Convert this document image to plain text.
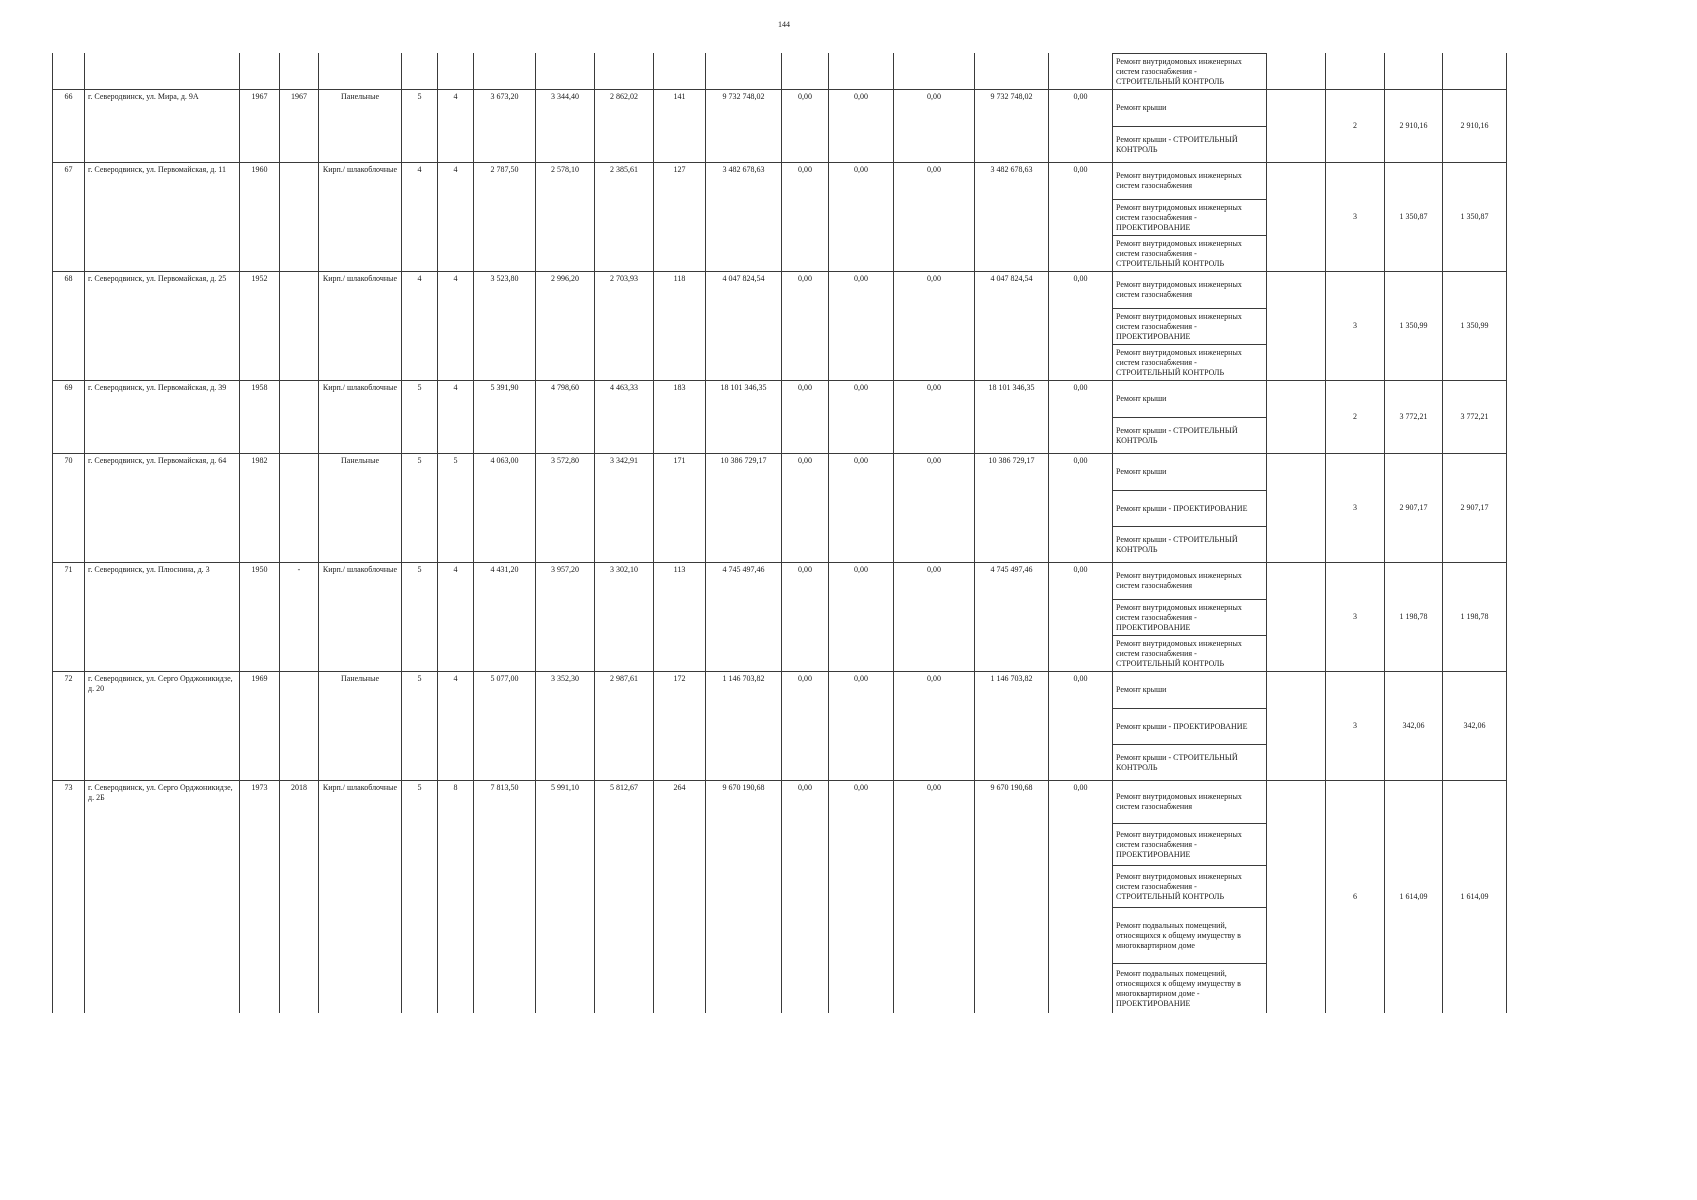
144

Ремонт внутридомовых инженерных систем газоснабжения - СТРОИТЕЛЬНЫЙ КОНТРОЛЬ				

66	г. Северодвинск, ул. Мира, д. 9А	1967	1967	Панельные	5	4	3 673,20	3 344,40	2 862,02	141	9 732 748,02	0,00	0,00	0,00	9 732 748,02	0,00	Ремонт крыши
Ремонт крыши - СТРОИТЕЛЬНЫЙ КОНТРОЛЬ	2	2 910,16	2 910,16	
67	г. Северодвинск, ул. Первомайская, д. 11	1960		Кирп./ шлакоблочные	4	4	2 787,50	2 578,10	2 385,61	127	3 482 678,63	0,00	0,00	0,00	3 482 678,63	0,00	Ремонт внутридомовых инженерных систем газоснабжения
Ремонт внутридомовых инженерных систем газоснабжения - ПРОЕКТИРОВАНИЕ
Ремонт внутридомовых инженерных систем газоснабжения - СТРОИТЕЛЬНЫЙ КОНТРОЛЬ	3	1 350,87	1 350,87	
68	г. Северодвинск, ул. Первомайская, д. 25	1952		Кирп./ шлакоблочные	4	4	3 523,80	2 996,20	2 703,93	118	4 047 824,54	0,00	0,00	0,00	4 047 824,54	0,00	Ремонт внутридомовых инженерных систем газоснабжения
Ремонт внутридомовых инженерных систем газоснабжения - ПРОЕКТИРОВАНИЕ
Ремонт внутридомовых инженерных систем газоснабжения - СТРОИТЕЛЬНЫЙ КОНТРОЛЬ	3	1 350,99	1 350,99	
69	г. Северодвинск, ул. Первомайская, д. 39	1958		Кирп./ шлакоблочные	5	4	5 391,90	4 798,60	4 463,33	183	18 101 346,35	0,00	0,00	0,00	18 101 346,35	0,00	Ремонт крыши
Ремонт крыши - СТРОИТЕЛЬНЫЙ КОНТРОЛЬ	2	3 772,21	3 772,21	
70	г. Северодвинск, ул. Первомайская, д. 64	1982		Панельные	5	5	4 063,00	3 572,80	3 342,91	171	10 386 729,17	0,00	0,00	0,00	10 386 729,17	0,00	Ремонт крыши
Ремонт крыши - ПРОЕКТИРОВАНИЕ
Ремонт крыши - СТРОИТЕЛЬНЫЙ КОНТРОЛЬ	3	2 907,17	2 907,17	
71	г. Северодвинск, ул. Плюснина, д. 3	1950	-	Кирп./ шлакоблочные	5	4	4 431,20	3 957,20	3 302,10	113	4 745 497,46	0,00	0,00	0,00	4 745 497,46	0,00	Ремонт внутридомовых инженерных систем газоснабжения
Ремонт внутридомовых инженерных систем газоснабжения - ПРОЕКТИРОВАНИЕ
Ремонт внутридомовых инженерных систем газоснабжения - СТРОИТЕЛЬНЫЙ КОНТРОЛЬ	3	1 198,78	1 198,78	
72	г. Северодвинск, ул. Серго Орджоникидзе, д. 20	1969		Панельные	5	4	5 077,00	3 352,30	2 987,61	172	1 146 703,82	0,00	0,00	0,00	1 146 703,82	0,00	Ремонт крыши
Ремонт крыши - ПРОЕКТИРОВАНИЕ
Ремонт крыши - СТРОИТЕЛЬНЫЙ КОНТРОЛЬ	3	342,06	342,06	
73	г. Северодвинск, ул. Серго Орджоникидзе, д. 2Б	1973	2018	Кирп./ шлакоблочные	5	8	7 813,50	5 991,10	5 812,67	264	9 670 190,68	0,00	0,00	0,00	9 670 190,68	0,00	Ремонт внутридомовых инженерных систем газоснабжения
Ремонт внутридомовых инженерных систем газоснабжения - ПРОЕКТИРОВАНИЕ
Ремонт внутридомовых инженерных систем газоснабжения - СТРОИТЕЛЬНЫЙ КОНТРОЛЬ
Ремонт подвальных помещений, относящихся к общему имуществу в многоквартирном доме
Ремонт подвальных помещений, относящихся к общему имуществу в многоквартирном доме - ПРОЕКТИРОВАНИЕ	6	1 614,09	1 614,09	
